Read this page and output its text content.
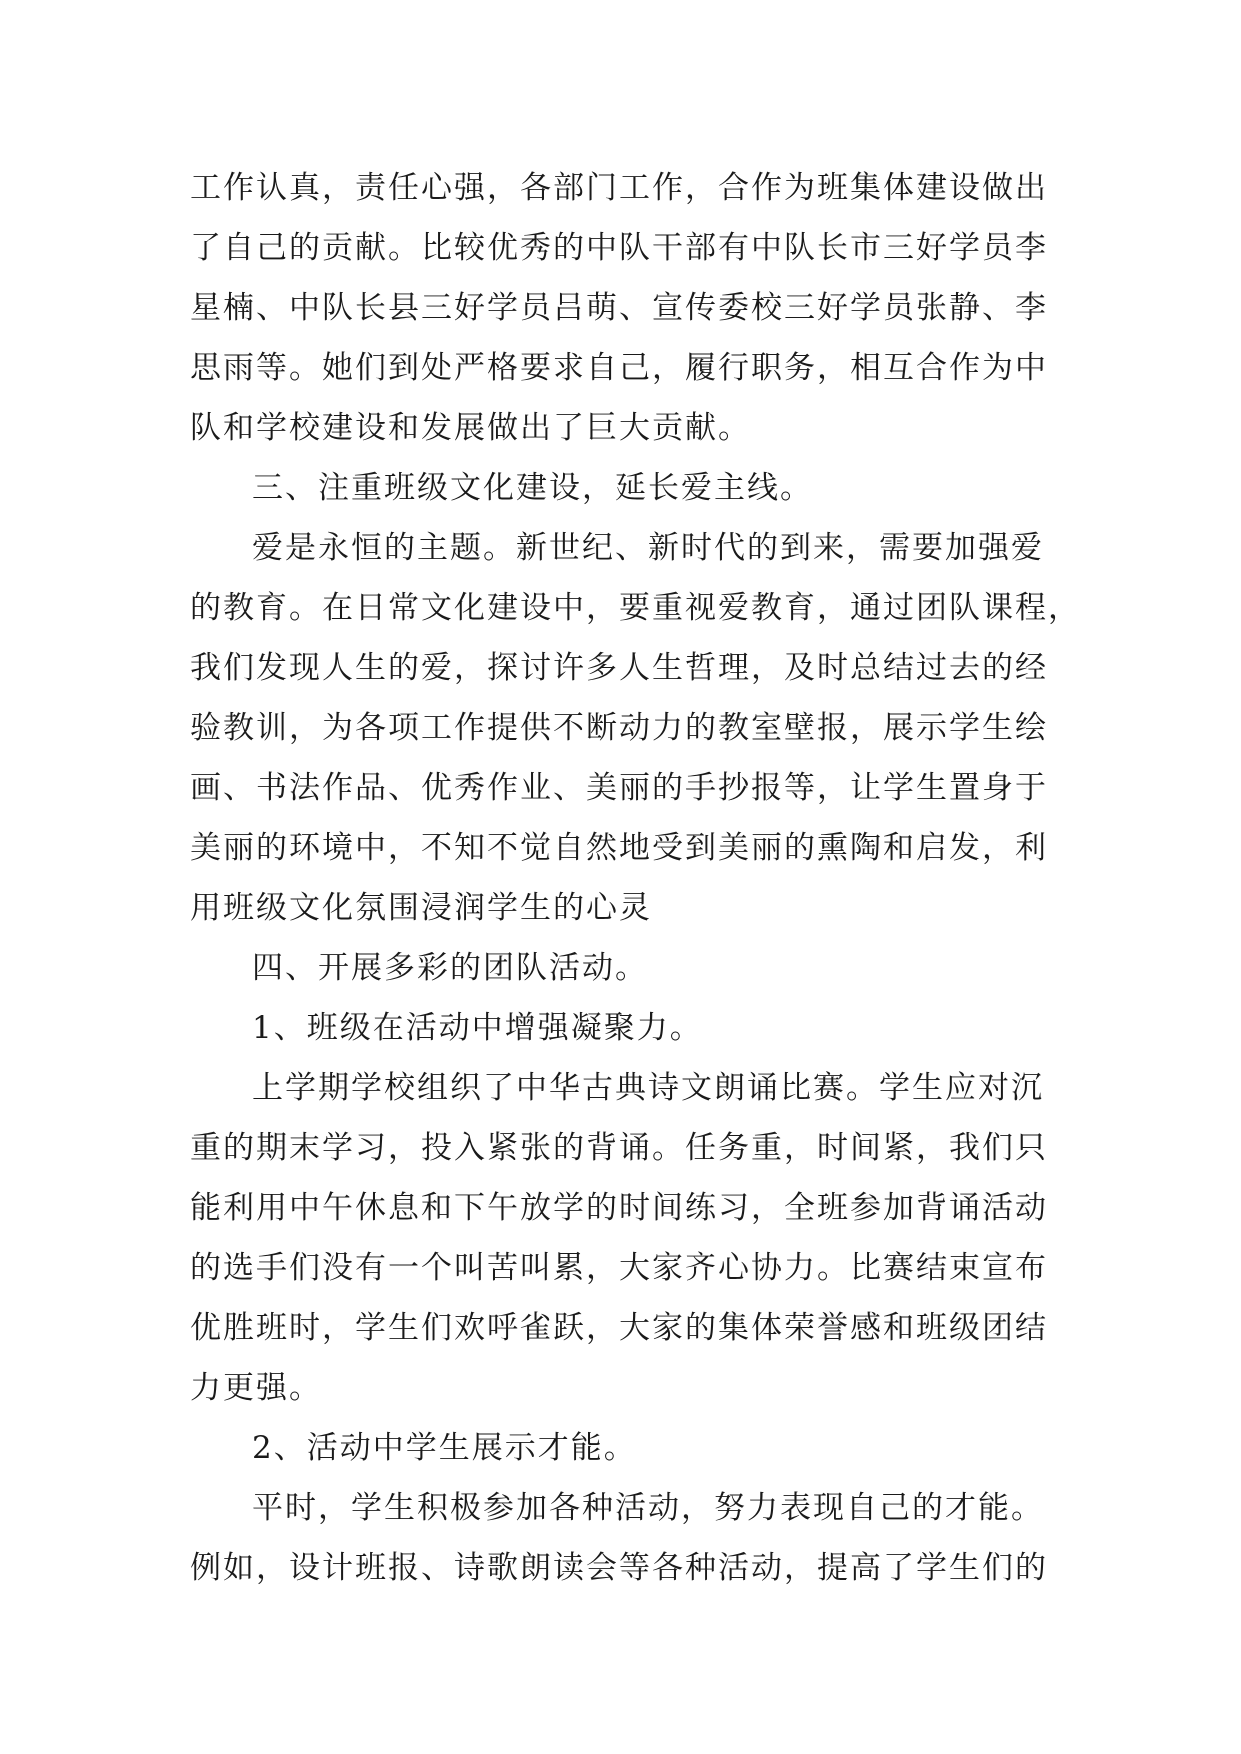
工作认真，责任心强，各部门工作，合作为班集体建设做出
了自己的贡献。比较优秀的中队干部有中队长市三好学员李
星楠、中队长县三好学员吕萌、宣传委校三好学员张静、李
思雨等。她们到处严格要求自己，履行职务，相互合作为中
队和学校建设和发展做出了巨大贡献。
三、注重班级文化建设，延长爱主线。
爱是永恒的主题。新世纪、新时代的到来，需要加强爱
的教育。在日常文化建设中，要重视爱教育，通过团队课程，
我们发现人生的爱，探讨许多人生哲理，及时总结过去的经
验教训，为各项工作提供不断动力的教室壁报，展示学生绘
画、书法作品、优秀作业、美丽的手抄报等，让学生置身于
美丽的环境中，不知不觉自然地受到美丽的熏陶和启发，利
用班级文化氛围浸润学生的心灵
四、开展多彩的团队活动。
1、班级在活动中增强凝聚力。
上学期学校组织了中华古典诗文朗诵比赛。学生应对沉
重的期末学习，投入紧张的背诵。任务重，时间紧，我们只
能利用中午休息和下午放学的时间练习，全班参加背诵活动
的选手们没有一个叫苦叫累，大家齐心协力。比赛结束宣布
优胜班时，学生们欢呼雀跃，大家的集体荣誉感和班级团结
力更强。
2、活动中学生展示才能。
平时，学生积极参加各种活动，努力表现自己的才能。
例如，设计班报、诗歌朗读会等各种活动，提高了学生们的
